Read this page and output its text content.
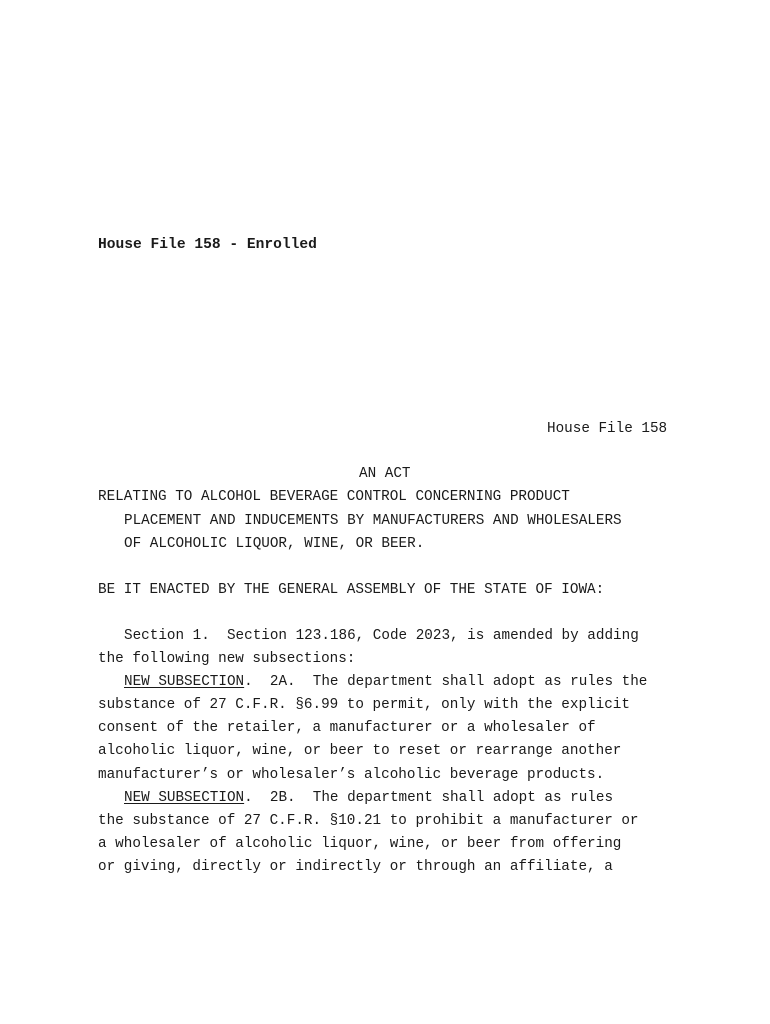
House File 158 - Enrolled
House File 158
AN ACT
RELATING TO ALCOHOL BEVERAGE CONTROL CONCERNING PRODUCT
PLACEMENT AND INDUCEMENTS BY MANUFACTURERS AND WHOLESALERS
OF ALCOHOLIC LIQUOR, WINE, OR BEER.
BE IT ENACTED BY THE GENERAL ASSEMBLY OF THE STATE OF IOWA:
Section 1.  Section 123.186, Code 2023, is amended by adding
the following new subsections:
NEW SUBSECTION.  2A.  The department shall adopt as rules the
substance of 27 C.F.R. §6.99 to permit, only with the explicit
consent of the retailer, a manufacturer or a wholesaler of
alcoholic liquor, wine, or beer to reset or rearrange another
manufacturer’s or wholesaler’s alcoholic beverage products.
NEW SUBSECTION.  2B.  The department shall adopt as rules
the substance of 27 C.F.R. §10.21 to prohibit a manufacturer or
a wholesaler of alcoholic liquor, wine, or beer from offering
or giving, directly or indirectly or through an affiliate, a
